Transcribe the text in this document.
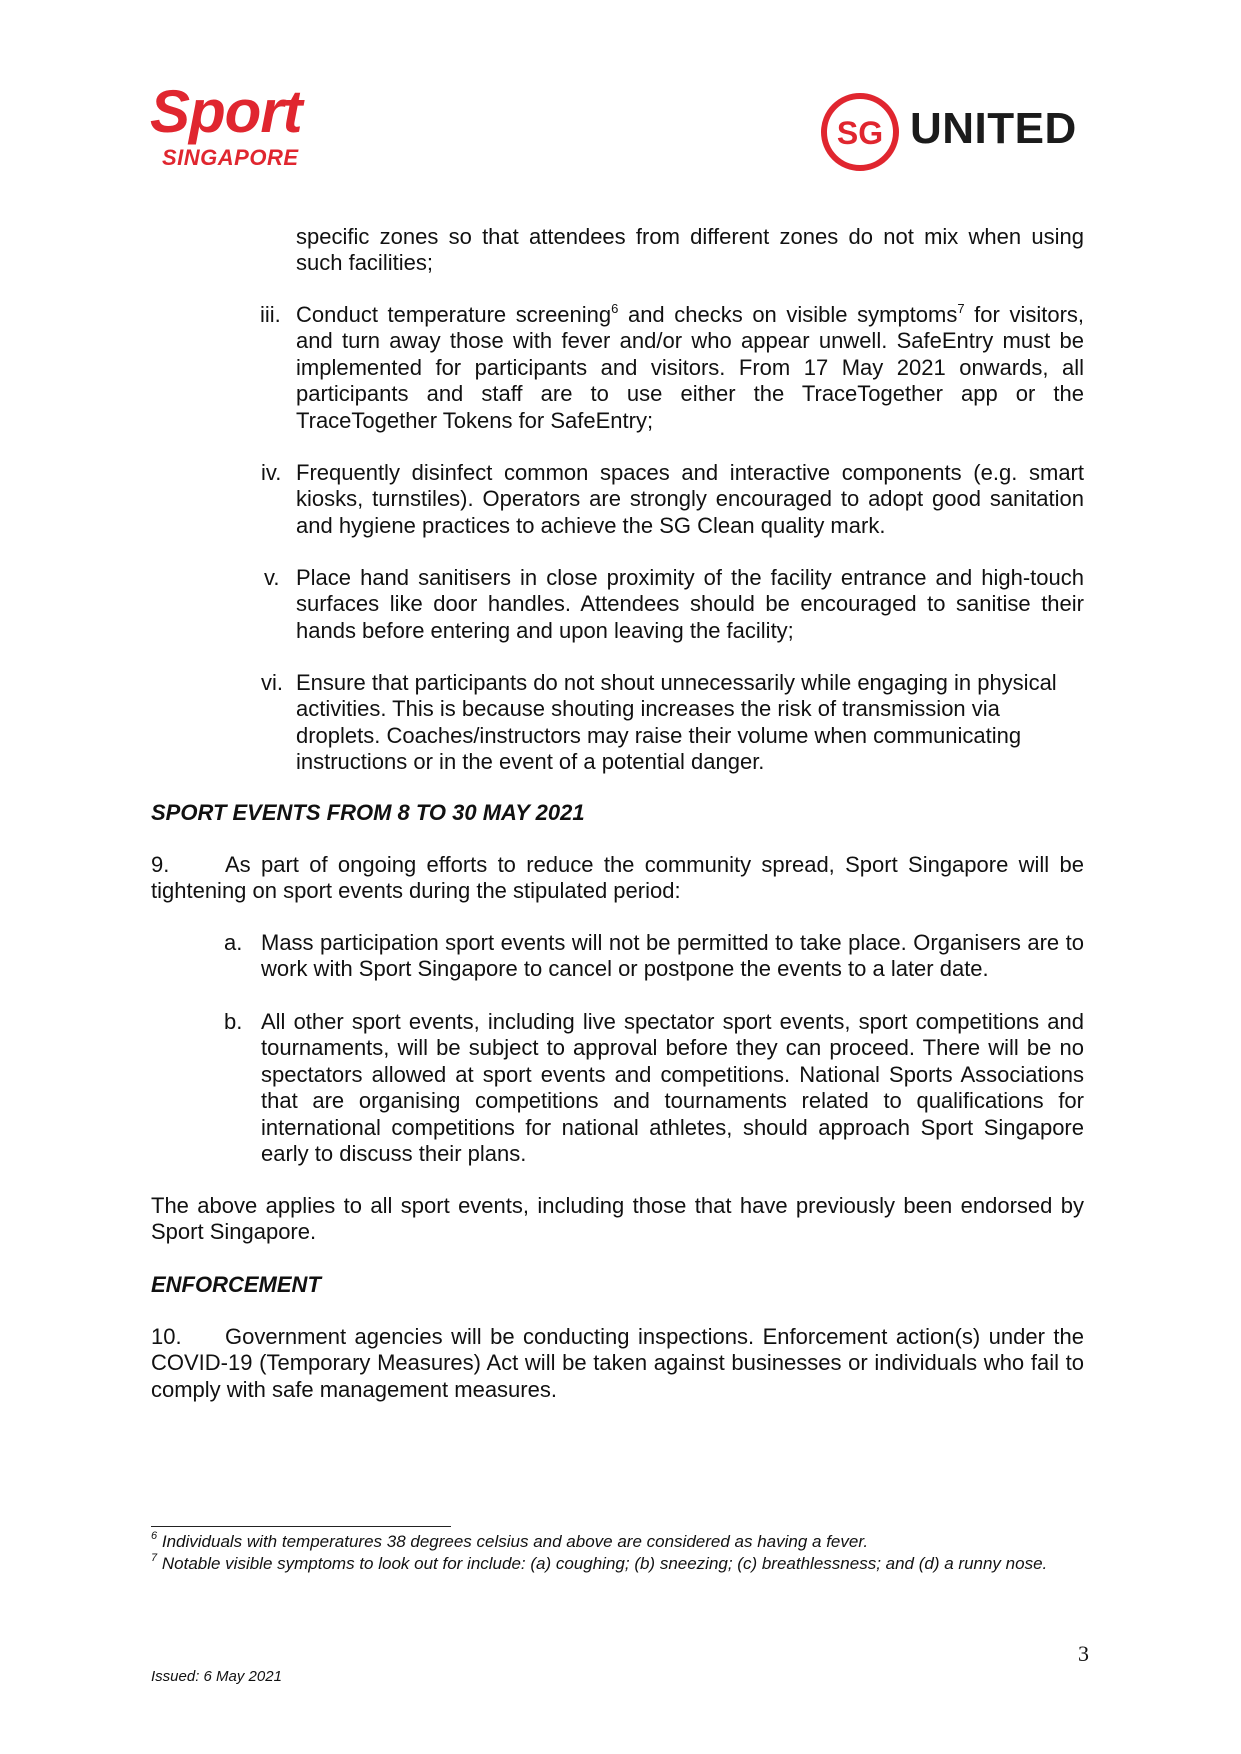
Sport
SINGAPORE
SG UNITED
specific zones so that attendees from different zones do not mix when using such facilities;
iii. Conduct temperature screening$^6$ and checks on visible symptoms$^7$ for visitors, and turn away those with fever and/or who appear unwell. SafeEntry must be implemented for participants and visitors. From 17 May 2021 onwards, all participants and staff are to use either the TraceTogether app or the TraceTogether Tokens for SafeEntry;
iv. Frequently disinfect common spaces and interactive components (e.g. smart kiosks, turnstiles). Operators are strongly encouraged to adopt good sanitation and hygiene practices to achieve the SG Clean quality mark.
v. Place hand sanitisers in close proximity of the facility entrance and high-touch surfaces like door handles. Attendees should be encouraged to sanitise their hands before entering and upon leaving the facility;
vi. Ensure that participants do not shout unnecessarily while engaging in physical activities. This is because shouting increases the risk of transmission via droplets. Coaches/instructors may raise their volume when communicating instructions or in the event of a potential danger.
SPORT EVENTS FROM 8 TO 30 MAY 2021
9.	As part of ongoing efforts to reduce the community spread, Sport Singapore will be tightening on sport events during the stipulated period:
a. Mass participation sport events will not be permitted to take place. Organisers are to work with Sport Singapore to cancel or postpone the events to a later date.
b. All other sport events, including live spectator sport events, sport competitions and tournaments, will be subject to approval before they can proceed. There will be no spectators allowed at sport events and competitions. National Sports Associations that are organising competitions and tournaments related to qualifications for international competitions for national athletes, should approach Sport Singapore early to discuss their plans.
The above applies to all sport events, including those that have previously been endorsed by Sport Singapore.
ENFORCEMENT
10.	Government agencies will be conducting inspections. Enforcement action(s) under the COVID-19 (Temporary Measures) Act will be taken against businesses or individuals who fail to comply with safe management measures.
$^6$ Individuals with temperatures 38 degrees celsius and above are considered as having a fever.
$^7$ Notable visible symptoms to look out for include: (a) coughing; (b) sneezing; (c) breathlessness; and (d) a runny nose.
3
Issued: 6 May 2021
